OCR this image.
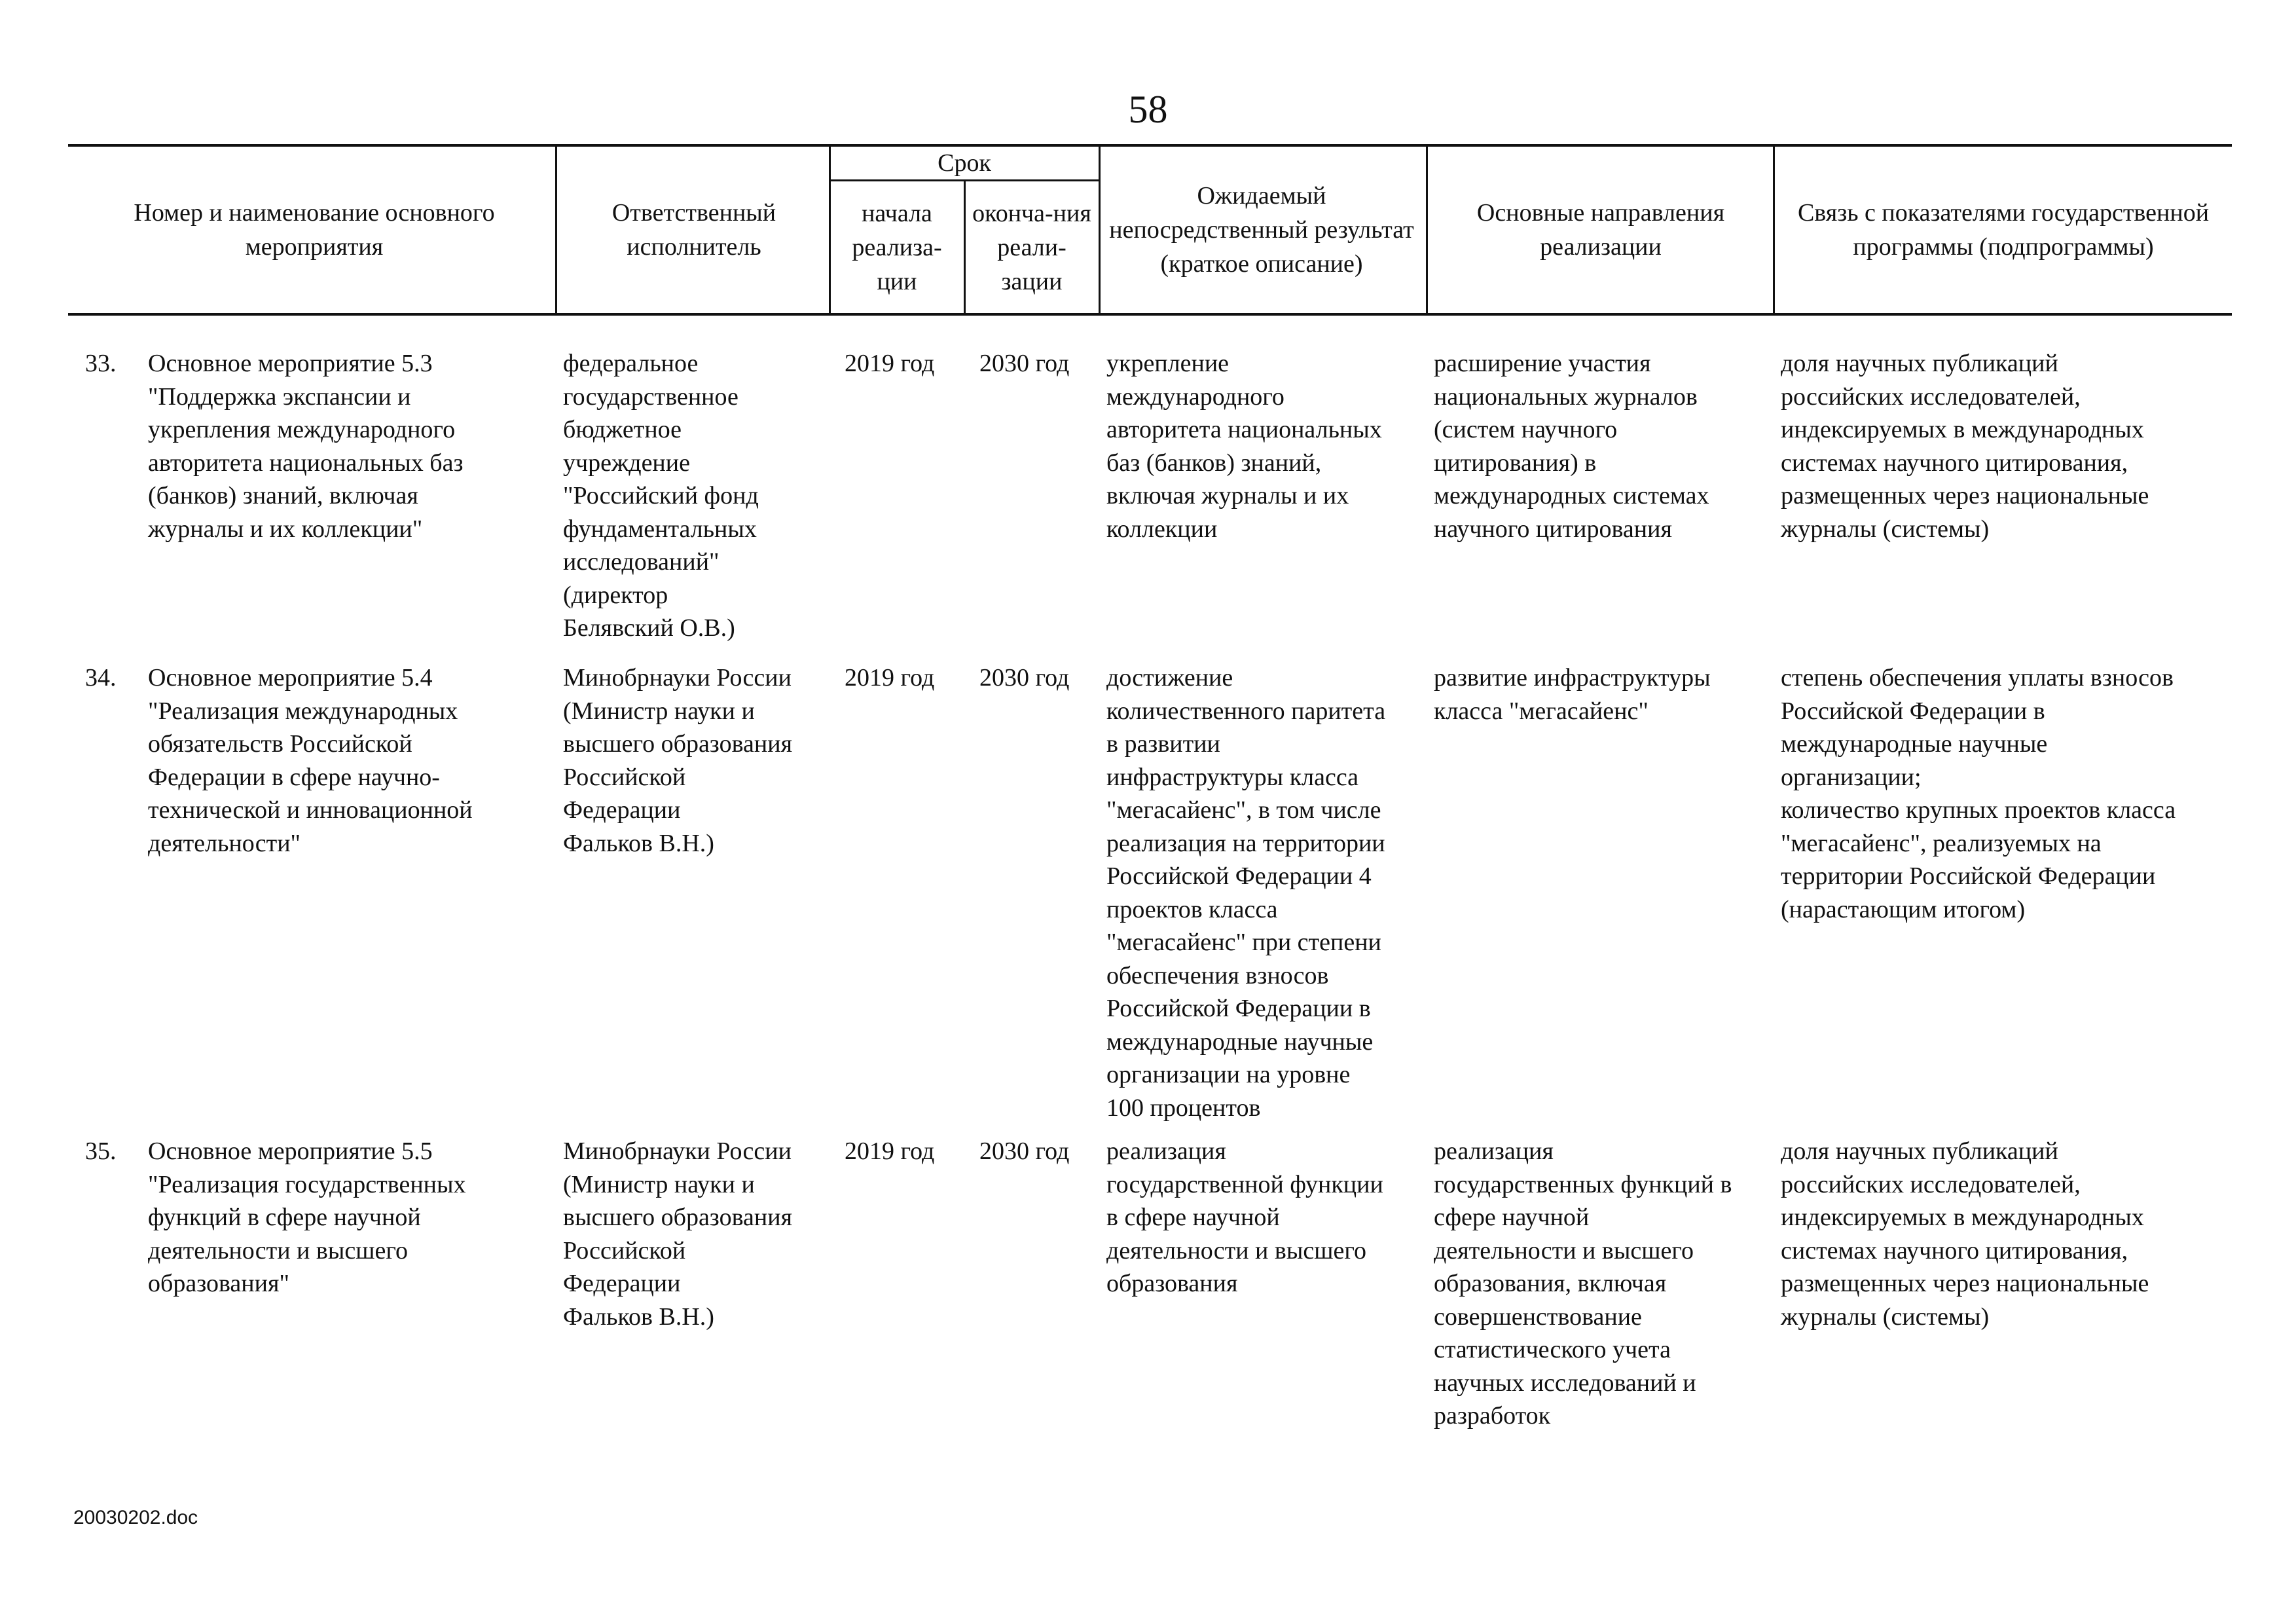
58
Номер и наименование основного мероприятия
Ответственный исполнитель
Срок
начала реализа-ции
оконча-ния реали-зации
Ожидаемый непосредственный результат (краткое описание)
Основные направления реализации
Связь с показателями государственной программы (подпрограммы)
33. Основное мероприятие 5.3
"Поддержка экспансии и
укрепления международного
авторитета национальных баз
(банков) знаний, включая
журналы и их коллекции"
федеральное
государственное
бюджетное
учреждение
"Российский фонд
фундаментальных
исследований"
(директор
Белявский О.В.)
2019 год 2030 год укрепление
международного
авторитета национальных
баз (банков) знаний,
включая журналы и их
коллекции
расширение участия
национальных журналов
(систем научного
цитирования) в
международных системах
научного цитирования
доля научных публикаций
российских исследователей,
индексируемых в международных
системах научного цитирования,
размещенных через национальные
журналы (системы)
34. Основное мероприятие 5.4
"Реализация международных
обязательств Российской
Федерации в сфере научно-
технической и инновационной
деятельности"
Минобрнауки России
(Министр науки и
высшего образования
Российской
Федерации
Фальков В.Н.)
2019 год 2030 год достижение
количественного паритета
в развитии
инфраструктуры класса
"мегасайенс", в том числе
реализация на территории
Российской Федерации 4
проектов класса
"мегасайенс" при степени
обеспечения взносов
Российской Федерации в
международные научные
организации на уровне
100 процентов
развитие инфраструктуры
класса "мегасайенс"
степень обеспечения уплаты взносов
Российской Федерации в
международные научные
организации;
количество крупных проектов класса
"мегасайенс", реализуемых на
территории Российской Федерации
(нарастающим итогом)
35. Основное мероприятие 5.5
"Реализация государственных
функций в сфере научной
деятельности и высшего
образования"
Минобрнауки России
(Министр науки и
высшего образования
Российской
Федерации
Фальков В.Н.)
2019 год 2030 год реализация
государственной функции
в сфере научной
деятельности и высшего
образования
реализация
государственных функций в
сфере научной
деятельности и высшего
образования, включая
совершенствование
статистического учета
научных исследований и
разработок
доля научных публикаций
российских исследователей,
индексируемых в международных
системах научного цитирования,
размещенных через национальные
журналы (системы)
20030202.doc
